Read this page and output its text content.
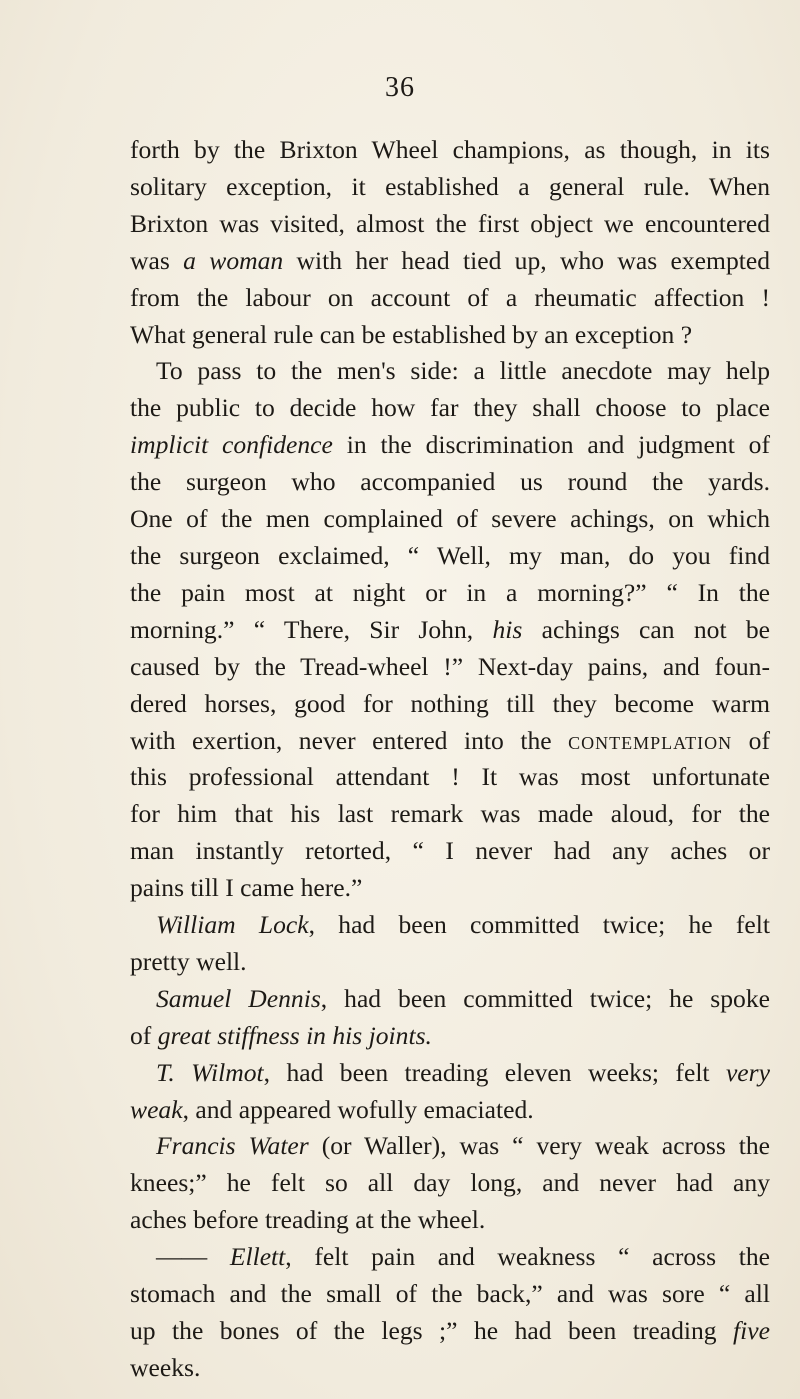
36
forth by the Brixton Wheel champions, as though, in its
solitary exception, it established a general rule. When
Brixton was visited, almost the first object we encountered
was a woman with her head tied up, who was exempted
from the labour on account of a rheumatic affection !
What general rule can be established by an exception ?
To pass to the men's side: a little anecdote may help
the public to decide how far they shall choose to place
implicit confidence in the discrimination and judgment of
the surgeon who accompanied us round the yards.
One of the men complained of severe achings, on which
the surgeon exclaimed, “ Well, my man, do you find
the pain most at night or in a morning?” “ In the
morning.” “ There, Sir John, his achings can not be
caused by the Tread-wheel !” Next-day pains, and foun-
dered horses, good for nothing till they become warm
with exertion, never entered into the contemplation of
this professional attendant ! It was most unfortunate
for him that his last remark was made aloud, for the
man instantly retorted, “ I never had any aches or
pains till I came here.”
William Lock, had been committed twice; he felt
pretty well.
Samuel Dennis, had been committed twice; he spoke
of great stiffness in his joints.
T. Wilmot, had been treading eleven weeks; felt very
weak, and appeared wofully emaciated.
Francis Water (or Waller), was “ very weak across the
knees;” he felt so all day long, and never had any
aches before treading at the wheel.
—— Ellett, felt pain and weakness “ across the
stomach and the small of the back,” and was sore “ all
up the bones of the legs ;” he had been treading five
weeks.
